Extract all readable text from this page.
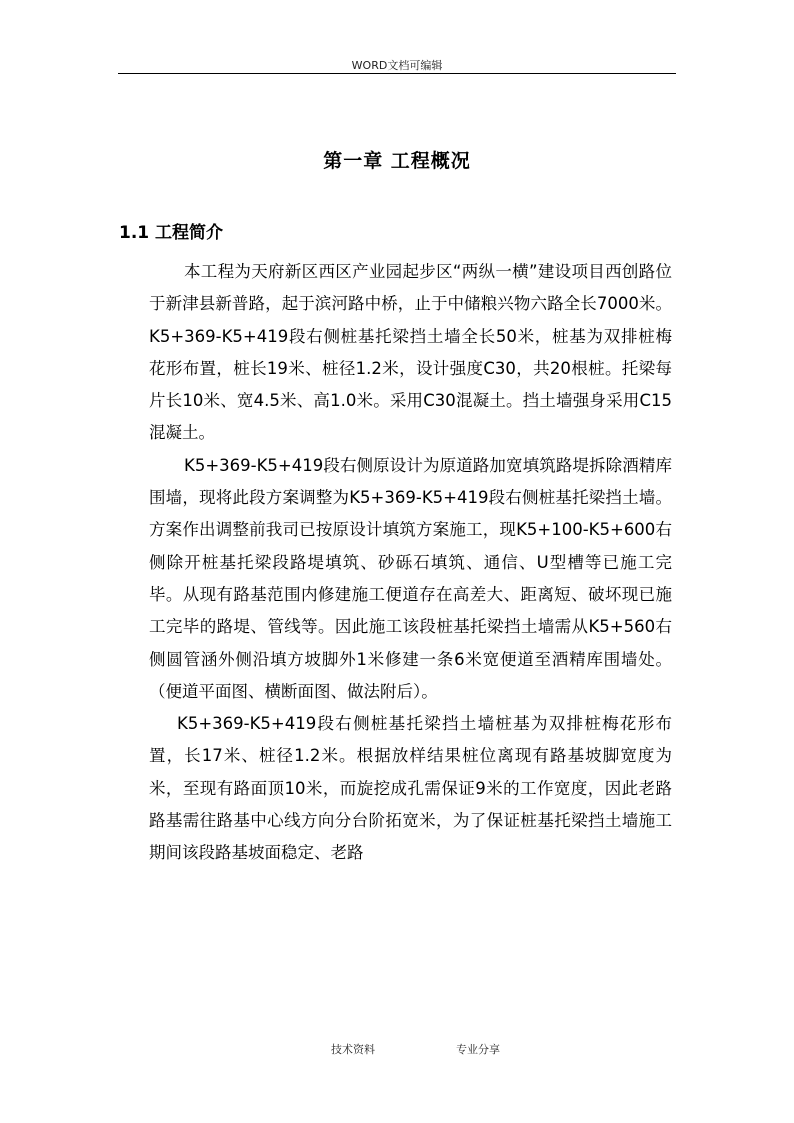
WORD文档可编辑
第一章 工程概况
1.1 工程简介

本工程为天府新区西区产业园起步区“两纵一横”建设项目西创路位于新津县新普路，起于滨河路中桥，止于中储粮兴物六路全长7000米。K5+369-K5+419段右侧桩基托梁挡土墙全长50米，桩基为双排桩梅花形布置，桩长19米、桩径1.2米，设计强度C30，共20根桩。托梁每片长10米、宽4.5米、高1.0米。采用C30混凝土。挡土墙强身采用C15混凝土。

K5+369-K5+419段右侧原设计为原道路加宽填筑路堤拆除酒精库围墙，现将此段方案调整为K5+369-K5+419段右侧桩基托梁挡土墙。方案作出调整前我司已按原设计填筑方案施工，现K5+100-K5+600右侧除开桩基托梁段路堤填筑、砂砾石填筑、通信、U型槽等已施工完毕。从现有路基范围内修建施工便道存在高差大、距离短、破坏现已施工完毕的路堤、管线等。因此施工该段桩基托梁挡土墙需从K5+560右侧圆管涵外侧沿填方坡脚外1米修建一条6米宽便道至酒精库围墙处。（便道平面图、横断面图、做法附后）。

K5+369-K5+419段右侧桩基托梁挡土墙桩基为双排桩梅花形布置，长17米、桩径1.2米。根据放样结果桩位离现有路基坡脚宽度为 米，至现有路面顶10米，而旋挖成孔需保证9米的工作宽度，因此老路路基需往路基中心线方向分台阶拓宽米，为了保证桩基托梁挡土墙施工期间该段路基坡面稳定、老路

技术资料	专业分享
